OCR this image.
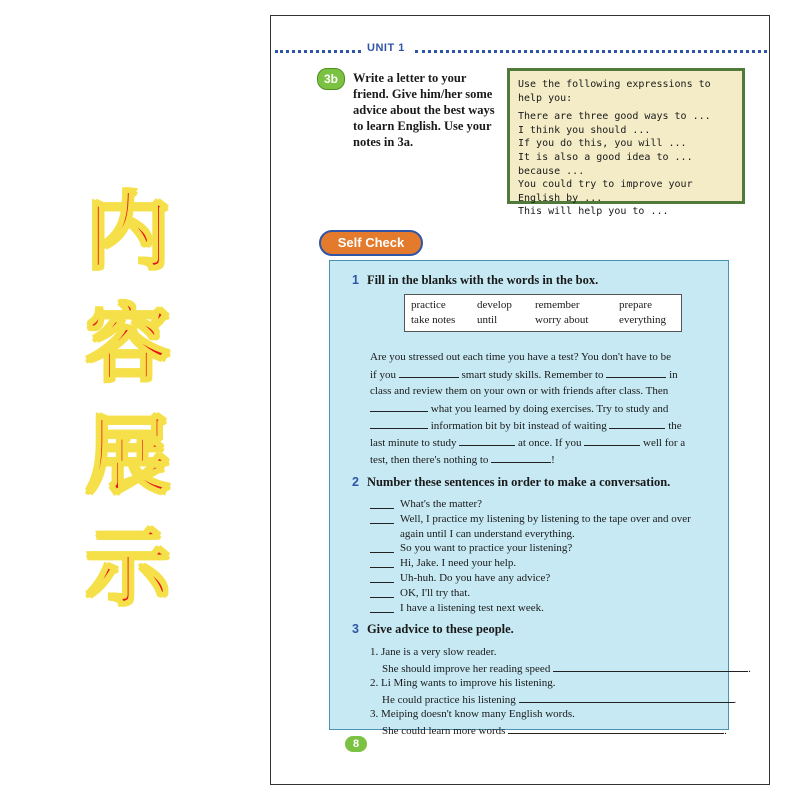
内
容
展
示
UNIT 1
3b	Write a letter to your friend. Give him/her some advice about the best ways to learn English. Use your notes in 3a.
Use the following expressions to help you:
There are three good ways to ...
I think you should ...
If you do this, you will ...
It is also a good idea to ... because ...
You could try to improve your English by ...
This will help you to ...
Self Check
1 Fill in the blanks with the words in the box.
practice	develop	remember	prepare
take notes	until	worry about	everything
Are you stressed out each time you have a test? You don't have to be
if you	smart study skills. Remember to	in
class and review them on your own or with friends after class. Then
what you learned by doing exercises. Try to study and
information bit by bit instead of waiting	the
last minute to study	at once. If you	well for a
test, then there's nothing to	!
2 Number these sentences in order to make a conversation.
What's the matter?
Well, I practice my listening by listening to the tape over and over
again until I can understand everything.
So you want to practice your listening?
Hi, Jake. I need your help.
Uh-huh. Do you have any advice?
OK, I'll try that.
I have a listening test next week.
3 Give advice to these people.
1. Jane is a very slow reader.
She should improve her reading speed	.
2. Li Ming wants to improve his listening.
He could practice his listening	.
3. Meiping doesn't know many English words.
She could learn more words	.
8
